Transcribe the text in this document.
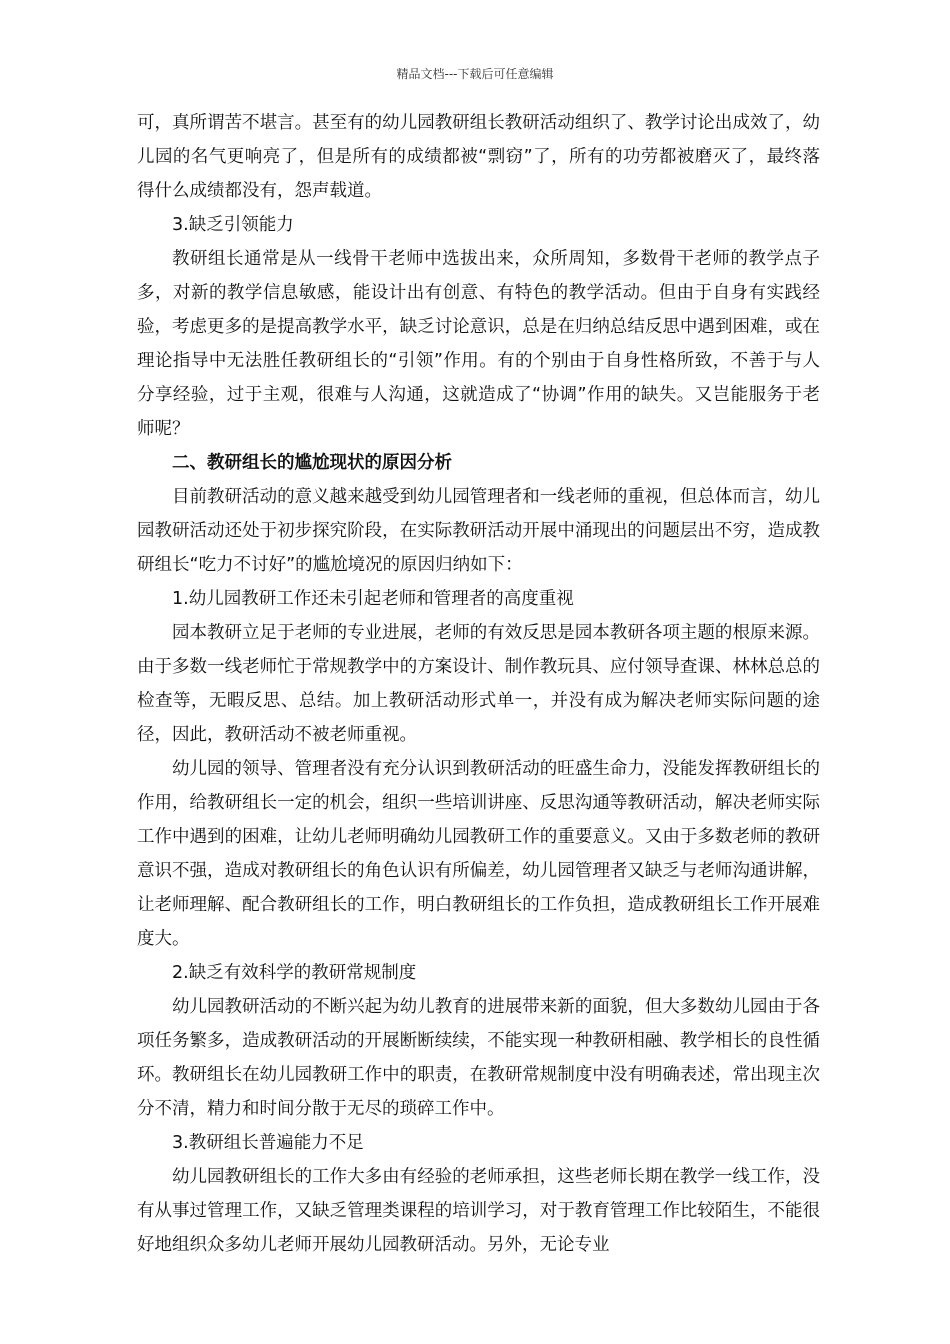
精品文档---下载后可任意编辑

可，真所谓苦不堪言。甚至有的幼儿园教研组长教研活动组织了、教学讨论出成效了，幼儿园的名气更响亮了，但是所有的成绩都被“剽窃”了，所有的功劳都被磨灭了，最终落得什么成绩都没有，怨声载道。

3.缺乏引领能力

教研组长通常是从一线骨干老师中选拔出来，众所周知，多数骨干老师的教学点子多，对新的教学信息敏感，能设计出有创意、有特色的教学活动。但由于自身有实践经验，考虑更多的是提高教学水平，缺乏讨论意识，总是在归纳总结反思中遇到困难，或在理论指导中无法胜任教研组长的“引领”作用。有的个别由于自身性格所致，不善于与人分享经验，过于主观，很难与人沟通，这就造成了“协调”作用的缺失。又岂能服务于老师呢？

二、教研组长的尴尬现状的原因分析

目前教研活动的意义越来越受到幼儿园管理者和一线老师的重视，但总体而言，幼儿园教研活动还处于初步探究阶段，在实际教研活动开展中涌现出的问题层出不穷，造成教研组长“吃力不讨好”的尴尬境况的原因归纳如下：

1.幼儿园教研工作还未引起老师和管理者的高度重视

园本教研立足于老师的专业进展，老师的有效反思是园本教研各项主题的根原来源。由于多数一线老师忙于常规教学中的方案设计、制作教玩具、应付领导查课、林林总总的检查等，无暇反思、总结。加上教研活动形式单一，并没有成为解决老师实际问题的途径，因此，教研活动不被老师重视。

幼儿园的领导、管理者没有充分认识到教研活动的旺盛生命力，没能发挥教研组长的作用，给教研组长一定的机会，组织一些培训讲座、反思沟通等教研活动，解决老师实际工作中遇到的困难，让幼儿老师明确幼儿园教研工作的重要意义。又由于多数老师的教研意识不强，造成对教研组长的角色认识有所偏差，幼儿园管理者又缺乏与老师沟通讲解，让老师理解、配合教研组长的工作，明白教研组长的工作负担，造成教研组长工作开展难度大。

2.缺乏有效科学的教研常规制度

幼儿园教研活动的不断兴起为幼儿教育的进展带来新的面貌，但大多数幼儿园由于各项任务繁多，造成教研活动的开展断断续续，不能实现一种教研相融、教学相长的良性循环。教研组长在幼儿园教研工作中的职责，在教研常规制度中没有明确表述，常出现主次分不清，精力和时间分散于无尽的琐碎工作中。

3.教研组长普遍能力不足

幼儿园教研组长的工作大多由有经验的老师承担，这些老师长期在教学一线工作，没有从事过管理工作，又缺乏管理类课程的培训学习，对于教育管理工作比较陌生，不能很好地组织众多幼儿老师开展幼儿园教研活动。另外，无论专业
